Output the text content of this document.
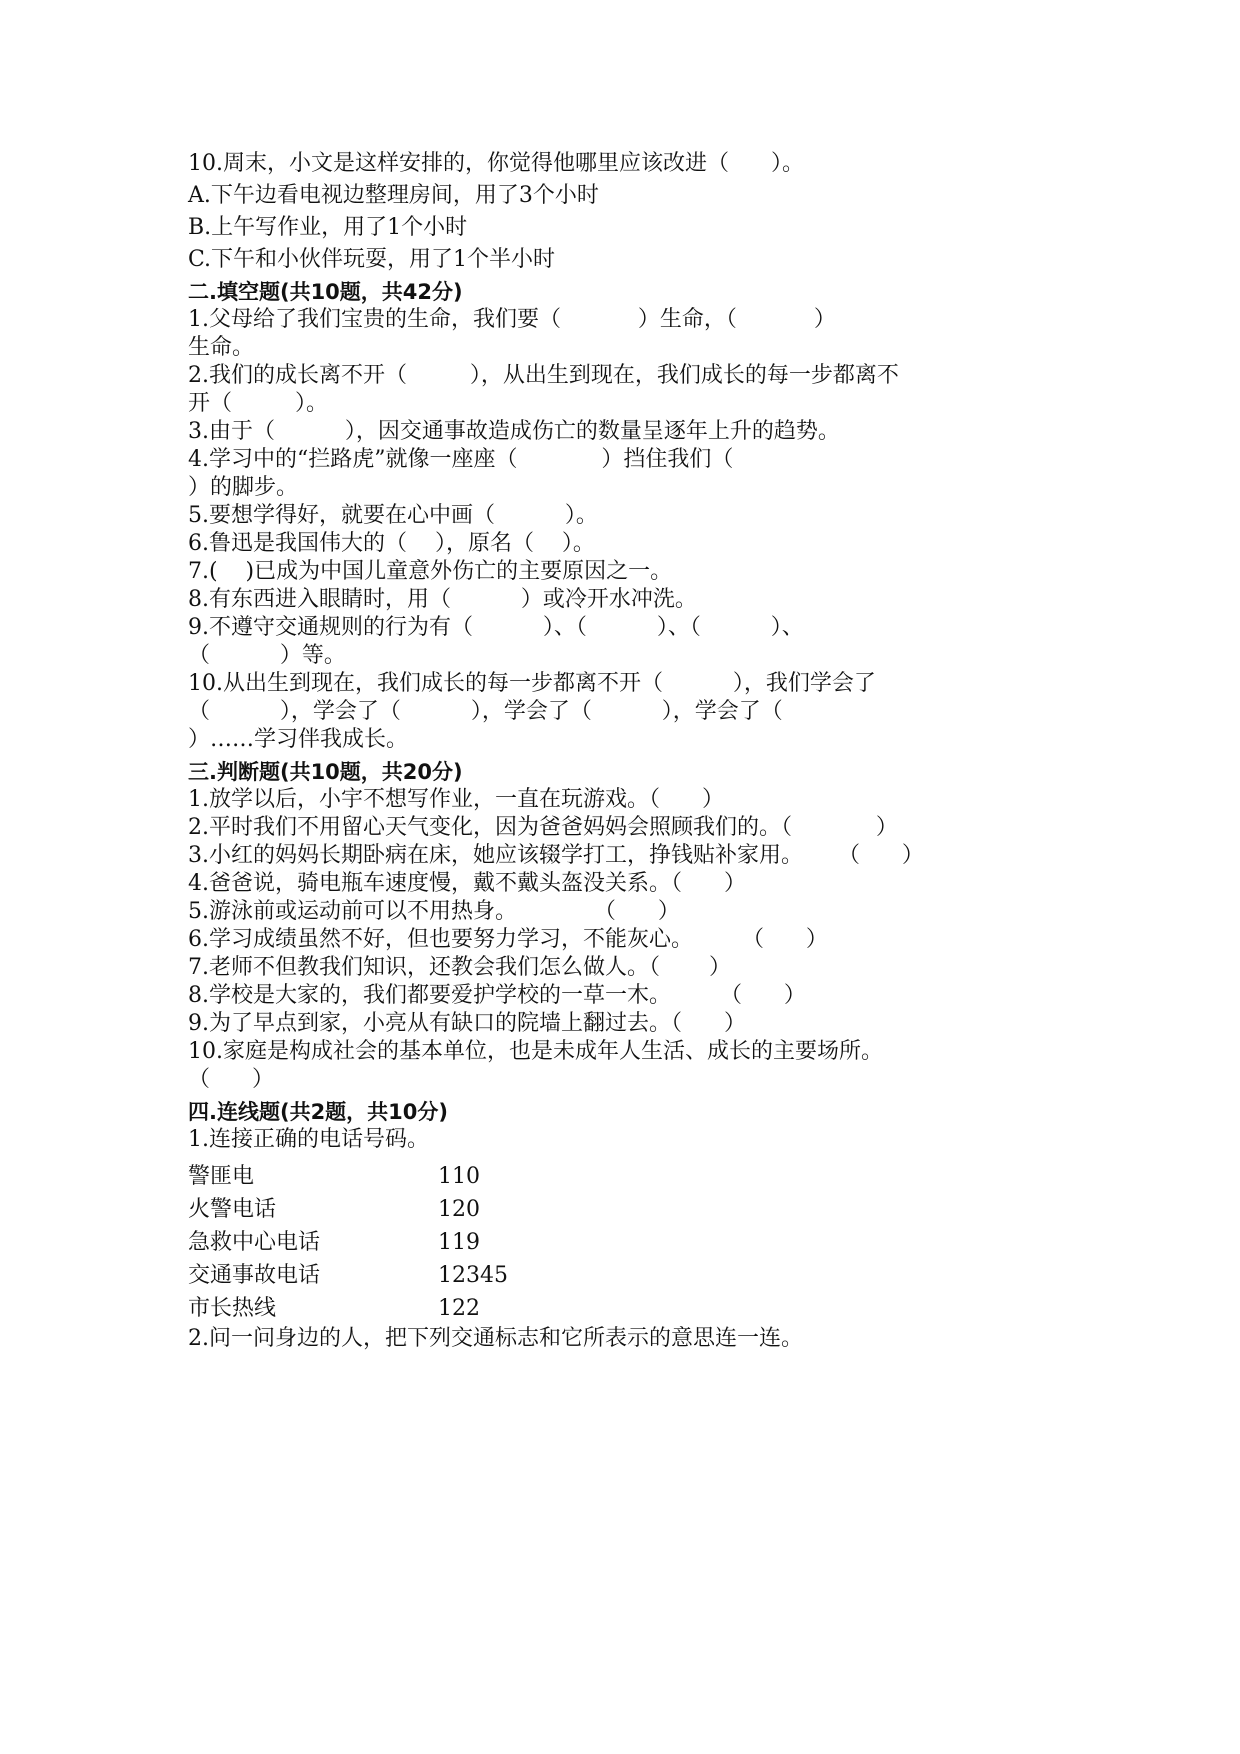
10.周末，小文是这样安排的，你觉得他哪里应该改进（      ）。
A.下午边看电视边整理房间，用了3个小时
B.上午写作业，用了1个小时
C.下午和小伙伴玩耍，用了1个半小时
二.填空题(共10题，共42分)
1.父母给了我们宝贵的生命，我们要（           ）生命，（           ）
生命。
2.我们的成长离不开（         ），从出生到现在，我们成长的每一步都离不
开（         ）。
3.由于（          ），因交通事故造成伤亡的数量呈逐年上升的趋势。
4.学习中的“拦路虎”就像一座座（            ）挡住我们（
）的脚步。
5.要想学得好，就要在心中画（          ）。
6.鲁迅是我国伟大的（    ），原名（    ）。
7.(    )已成为中国儿童意外伤亡的主要原因之一。
8.有东西进入眼睛时，用（          ）或冷开水冲洗。
9.不遵守交通规则的行为有（          ）、（          ）、（          ）、
（          ）等。
10.从出生到现在，我们成长的每一步都离不开（          ），我们学会了
（          ），学会了（          ），学会了（          ），学会了（
）……学习伴我成长。
三.判断题(共10题，共20分)
1.放学以后，小宇不想写作业，一直在玩游戏。（      ）
2.平时我们不用留心天气变化，因为爸爸妈妈会照顾我们的。（            ）
3.小红的妈妈长期卧病在床，她应该辍学打工，挣钱贴补家用。     （      ）
4.爸爸说，骑电瓶车速度慢，戴不戴头盔没关系。（      ）
5.游泳前或运动前可以不用热身。           （      ）
6.学习成绩虽然不好，但也要努力学习，不能灰心。       （      ）
7.老师不但教我们知识，还教会我们怎么做人。（       ）
8.学校是大家的，我们都要爱护学校的一草一木。       （      ）
9.为了早点到家，小亮从有缺口的院墙上翻过去。（      ）
10.家庭是构成社会的基本单位，也是未成年人生活、成长的主要场所。
（      ）
四.连线题(共2题，共10分)
1.连接正确的电话号码。
警匪电	110
火警电话	120
急救中心电话	119
交通事故电话	12345
市长热线	122
2.问一问身边的人，把下列交通标志和它所表示的意思连一连。
